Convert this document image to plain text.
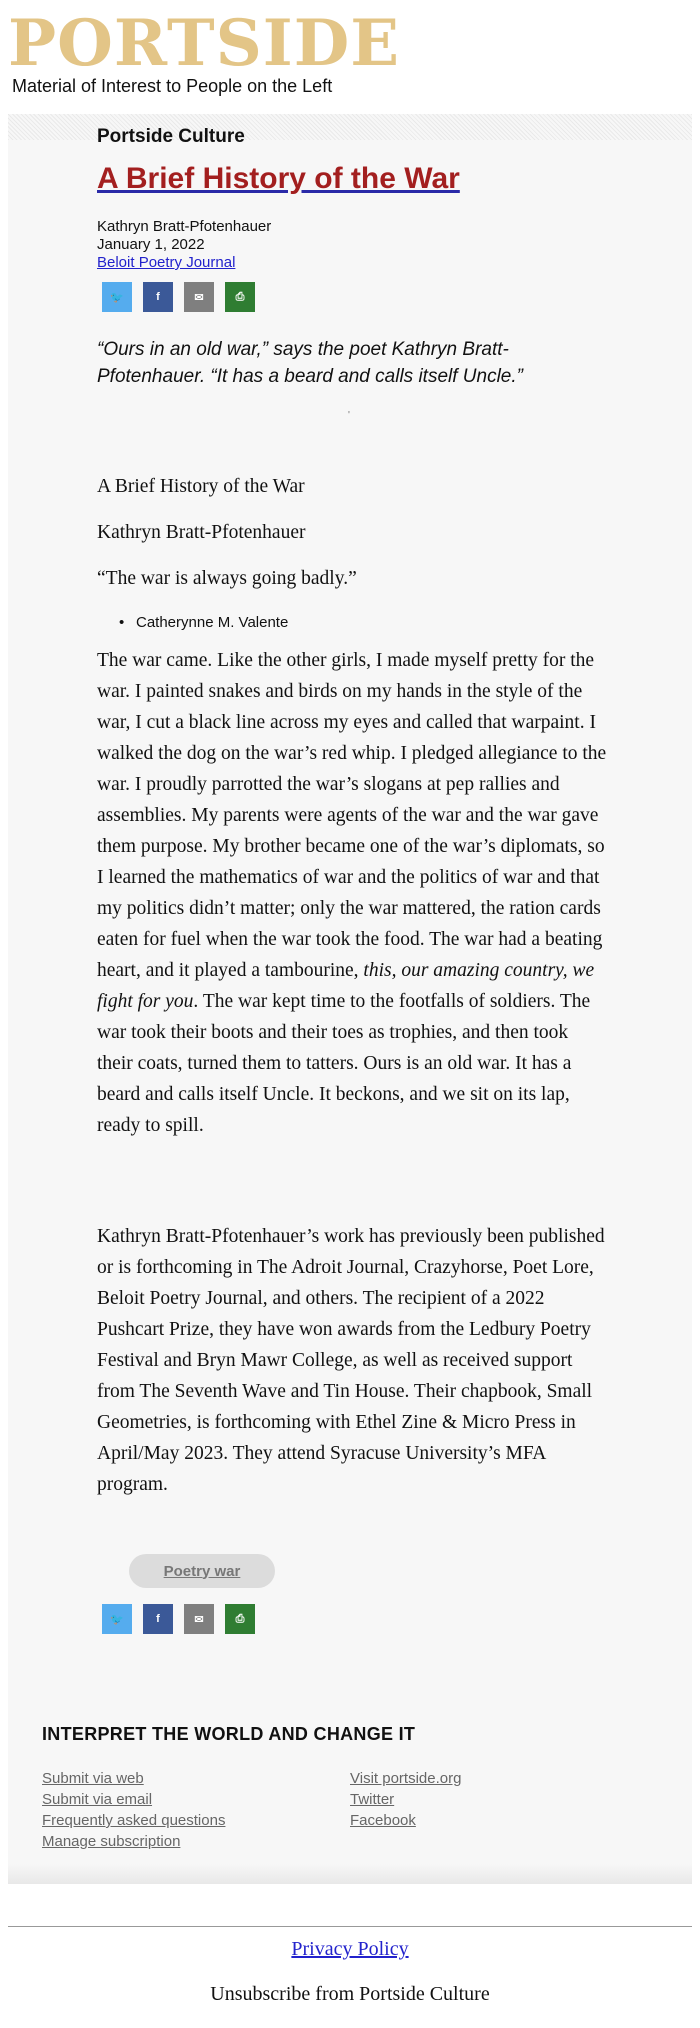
PORTSIDE
Material of Interest to People on the Left
Portside Culture
A Brief History of the War
Kathryn Bratt-Pfotenhauer
January 1, 2022
Beloit Poetry Journal
🐦	f	✉	⎙
“Ours in an old war,” says the poet Kathryn Bratt-Pfotenhauer. “It has a beard and calls itself Uncle.”
'
A Brief History of the War
Kathryn Bratt-Pfotenhauer
“The war is always going badly.”
• Catherynne M. Valente
The war came. Like the other girls, I made myself pretty for the war. I painted snakes and birds on my hands in the style of the war, I cut a black line across my eyes and called that warpaint. I walked the dog on the war’s red whip. I pledged allegiance to the war. I proudly parrotted the war’s slogans at pep rallies and assemblies. My parents were agents of the war and the war gave them purpose. My brother became one of the war’s diplomats, so I learned the mathematics of war and the politics of war and that my politics didn’t matter; only the war mattered, the ration cards eaten for fuel when the war took the food. The war had a beating heart, and it played a tambourine, this, our amazing country, we fight for you. The war kept time to the footfalls of soldiers. The war took their boots and their toes as trophies, and then took their coats, turned them to tatters. Ours is an old war. It has a beard and calls itself Uncle. It beckons, and we sit on its lap, ready to spill.
Kathryn Bratt-Pfotenhauer’s work has previously been published or is forthcoming in The Adroit Journal, Crazyhorse, Poet Lore, Beloit Poetry Journal, and others. The recipient of a 2022 Pushcart Prize, they have won awards from the Ledbury Poetry Festival and Bryn Mawr College, as well as received support from The Seventh Wave and Tin House. Their chapbook, Small Geometries, is forthcoming with Ethel Zine & Micro Press in April/May 2023. They attend Syracuse University’s MFA program.
Poetry war
🐦	f	✉	⎙
INTERPRET THE WORLD AND CHANGE IT
Submit via web
Submit via email
Frequently asked questions
Manage subscription
Visit portside.org
Twitter
Facebook
Privacy Policy
Unsubscribe from Portside Culture
